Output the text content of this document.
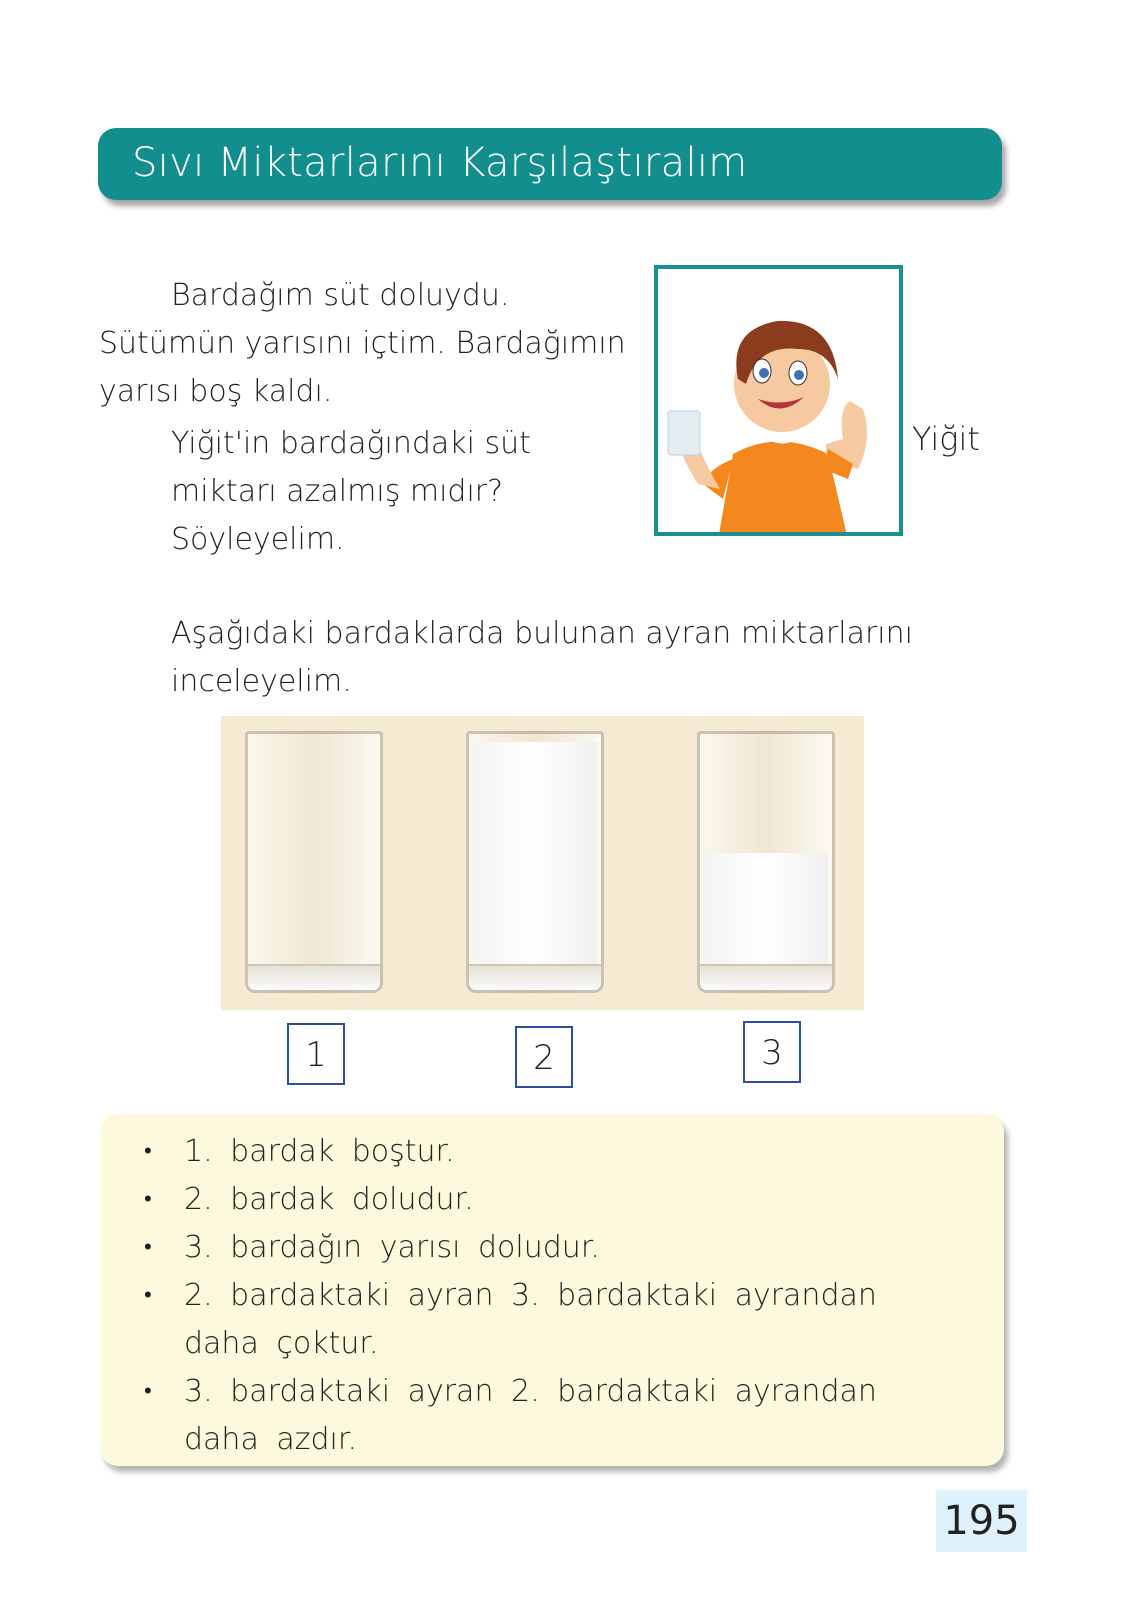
Sıvı Miktarlarını Karşılaştıralım
Bardağım süt doluydu.
Sütümün yarısını içtim. Bardağımın yarısı boş kaldı.
Yiğit'in bardağındaki süt miktarı azalmış mıdır? Söyleyelim.
Yiğit
Aşağıdaki bardaklarda bulunan ayran miktarlarını inceleyelim.
1	2	3
• 1. bardak boştur.
• 2. bardak doludur.
• 3. bardağın yarısı doludur.
• 2. bardaktaki ayran 3. bardaktaki ayrandan daha çoktur.
• 3. bardaktaki ayran 2. bardaktaki ayrandan daha azdır.
195
